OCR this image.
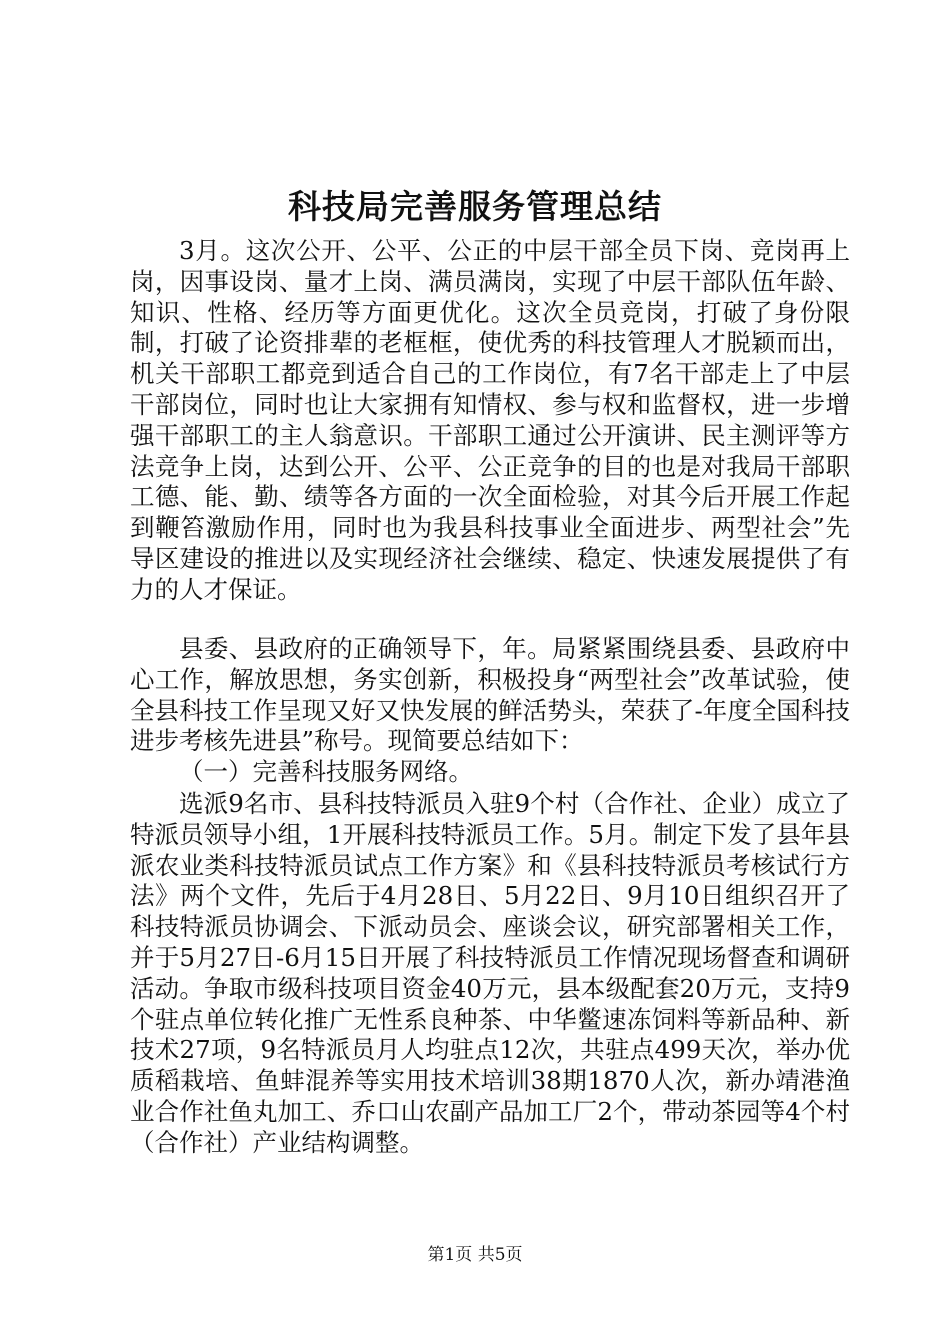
科技局完善服务管理总结

3月。这次公开、公平、公正的中层干部全员下岗、竞岗再上岗，因事设岗、量才上岗、满员满岗，实现了中层干部队伍年龄、知识、性格、经历等方面更优化。这次全员竞岗，打破了身份限制，打破了论资排辈的老框框，使优秀的科技管理人才脱颖而出，机关干部职工都竞到适合自己的工作岗位，有7名干部走上了中层干部岗位，同时也让大家拥有知情权、参与权和监督权，进一步增强干部职工的主人翁意识。干部职工通过公开演讲、民主测评等方法竞争上岗，达到公开、公平、公正竞争的目的也是对我局干部职工德、能、勤、绩等各方面的一次全面检验，对其今后开展工作起到鞭笞激励作用，同时也为我县科技事业全面进步、两型社会”先导区建设的推进以及实现经济社会继续、稳定、快速发展提供了有力的人才保证。

县委、县政府的正确领导下，年。局紧紧围绕县委、县政府中心工作，解放思想，务实创新，积极投身“两型社会”改革试验，使全县科技工作呈现又好又快发展的鲜活势头，荣获了-年度全国科技进步考核先进县”称号。现简要总结如下：

（一）完善科技服务网络。

选派9名市、县科技特派员入驻9个村（合作社、企业）成立了特派员领导小组，1开展科技特派员工作。5月。制定下发了县年县派农业类科技特派员试点工作方案》和《县科技特派员考核试行方法》两个文件，先后于4月28日、5月22日、9月10日组织召开了科技特派员协调会、下派动员会、座谈会议，研究部署相关工作，并于5月27日-6月15日开展了科技特派员工作情况现场督查和调研活动。争取市级科技项目资金40万元，县本级配套20万元，支持9个驻点单位转化推广无性系良种茶、中华鳖速冻饲料等新品种、新技术27项，9名特派员月人均驻点12次，共驻点499天次，举办优质稻栽培、鱼蚌混养等实用技术培训38期1870人次，新办靖港渔业合作社鱼丸加工、乔口山农副产品加工厂2个，带动茶园等4个村（合作社）产业结构调整。

第1页 共5页
